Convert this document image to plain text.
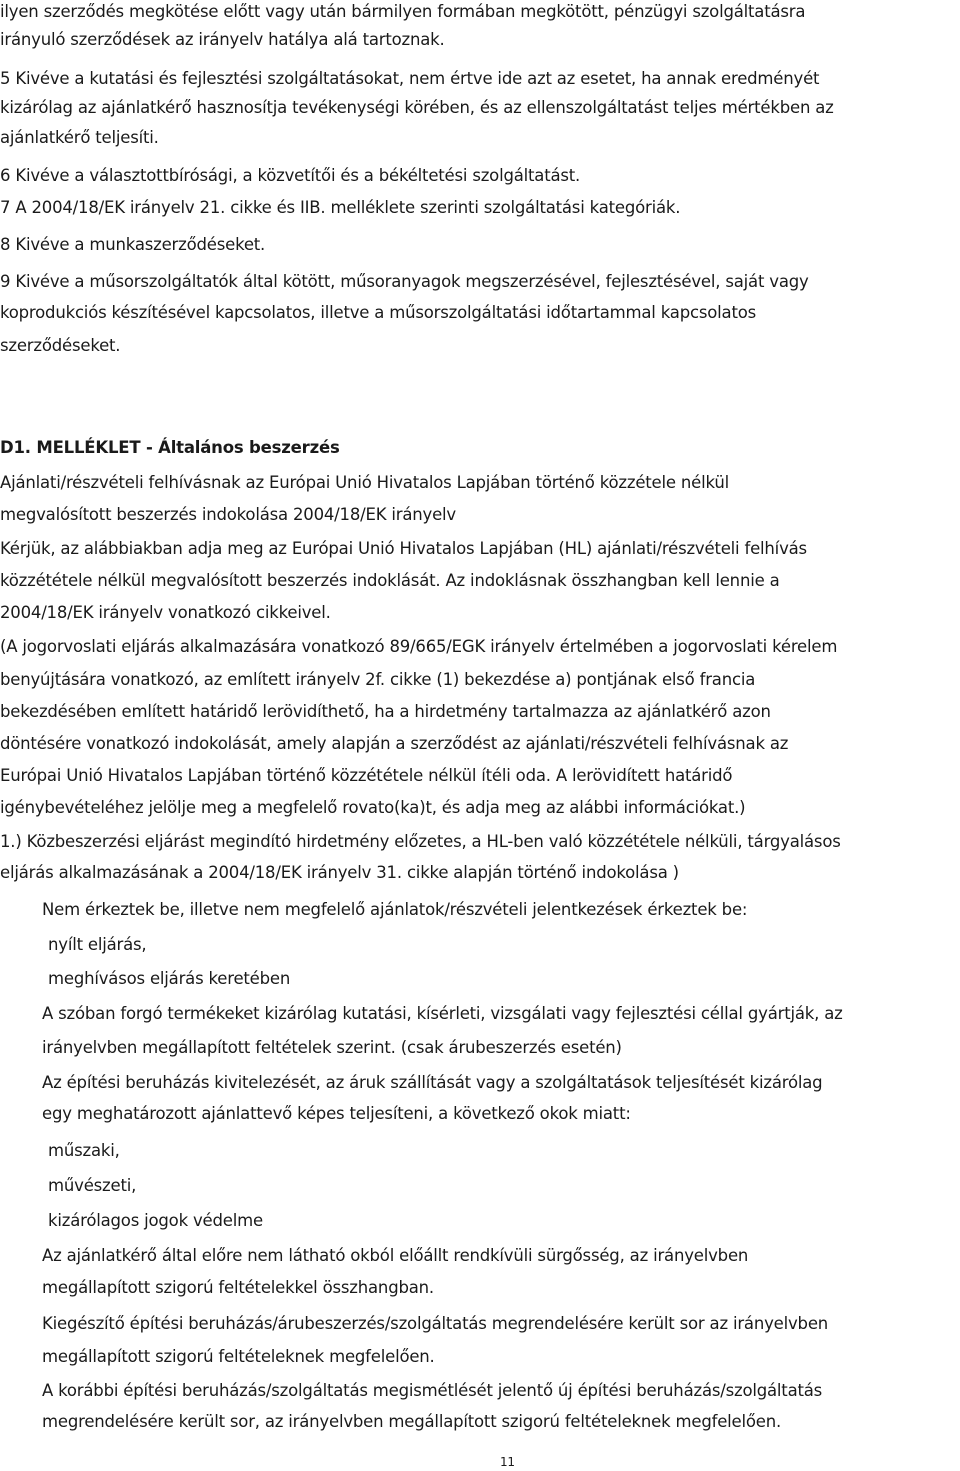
ilyen szerződés megkötése előtt vagy után bármilyen formában megkötött, pénzügyi szolgáltatásra
irányuló szerződések az irányelv hatálya alá tartoznak.
5 Kivéve a kutatási és fejlesztési szolgáltatásokat, nem értve ide azt az esetet, ha annak eredményét
kizárólag az ajánlatkérő hasznosítja tevékenységi körében, és az ellenszolgáltatást teljes mértékben az
ajánlatkérő teljesíti.
6 Kivéve a választottbírósági, a közvetítői és a békéltetési szolgáltatást.
7 A 2004/18/EK irányelv 21. cikke és IIB. melléklete szerinti szolgáltatási kategóriák.
8 Kivéve a munkaszerződéseket.
9 Kivéve a műsorszolgáltatók által kötött, műsoranyagok megszerzésével, fejlesztésével, saját vagy
koprodukciós készítésével kapcsolatos, illetve a műsorszolgáltatási időtartammal kapcsolatos
szerződéseket.
D1. MELLÉKLET - Általános beszerzés
Ajánlati/részvételi felhívásnak az Európai Unió Hivatalos Lapjában történő közzétele nélkül
megvalósított beszerzés indokolása 2004/18/EK irányelv
Kérjük, az alábbiakban adja meg az Európai Unió Hivatalos Lapjában (HL) ajánlati/részvételi felhívás
közzététele nélkül megvalósított beszerzés indoklását. Az indoklásnak összhangban kell lennie a
2004/18/EK irányelv vonatkozó cikkeivel.
(A jogorvoslati eljárás alkalmazására vonatkozó 89/665/EGK irányelv értelmében a jogorvoslati kérelem
benyújtására vonatkozó, az említett irányelv 2f. cikke (1) bekezdése a) pontjának első francia
bekezdésében említett határidő lerövidíthető, ha a hirdetmény tartalmazza az ajánlatkérő azon
döntésére vonatkozó indokolását, amely alapján a szerződést az ajánlati/részvételi felhívásnak az
Európai Unió Hivatalos Lapjában történő közzététele nélkül ítéli oda. A lerövidített határidő
igénybevételéhez jelölje meg a megfelelő rovato(ka)t, és adja meg az alábbi információkat.)
1.) Közbeszerzési eljárást megindító hirdetmény előzetes, a HL-ben való közzététele nélküli, tárgyalásos
eljárás alkalmazásának a 2004/18/EK irányelv 31. cikke alapján történő indokolása )
Nem érkeztek be, illetve nem megfelelő ajánlatok/részvételi jelentkezések érkeztek be:
nyílt eljárás,
meghívásos eljárás keretében
A szóban forgó termékeket kizárólag kutatási, kísérleti, vizsgálati vagy fejlesztési céllal gyártják, az
irányelvben megállapított feltételek szerint. (csak árubeszerzés esetén)
Az építési beruházás kivitelezését, az áruk szállítását vagy a szolgáltatások teljesítését kizárólag
egy meghatározott ajánlattevő képes teljesíteni, a következő okok miatt:
műszaki,
művészeti,
kizárólagos jogok védelme
Az ajánlatkérő által előre nem látható okból előállt rendkívüli sürgősség, az irányelvben
megállapított szigorú feltételekkel összhangban.
Kiegészítő építési beruházás/árubeszerzés/szolgáltatás megrendelésére került sor az irányelvben
megállapított szigorú feltételeknek megfelelően.
A korábbi építési beruházás/szolgáltatás megismétlését jelentő új építési beruházás/szolgáltatás
megrendelésére került sor, az irányelvben megállapított szigorú feltételeknek megfelelően.
11
